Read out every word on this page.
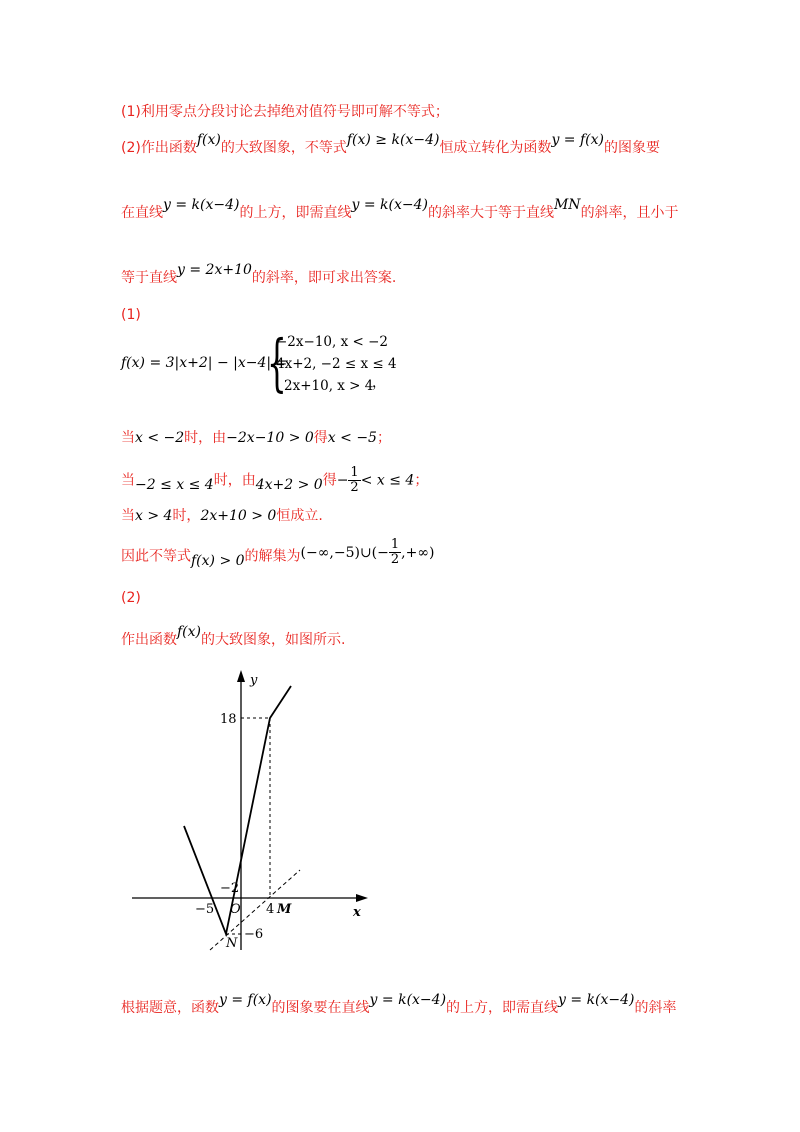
(1)利用零点分段讨论去掉绝对值符号即可解不等式；
(2)作出函数f(x)的大致图象，不等式f(x) ≥ k(x−4)恒成立转化为函数y = f(x)的图象要
在直线y = k(x−4)的上方，即需直线y = k(x−4)的斜率大于等于直线MN的斜率，且小于
等于直线y = 2x+10的斜率，即可求出答案.
(1)
f(x) = 3|x+2| − |x−4| =
{
−2x−10, x < −2
4x+2, −2 ≤ x ≤ 4
2x+10, x > 4
，
当x < −2时，由−2x−10 > 0得x < −5；
当−2 ≤ x ≤ 4时，由4x+2 > 0得− $\frac{1}{2} < x \le 4$；
当x > 4时，2x+10 > 0恒成立.
因此不等式f(x) > 0的解集为(−∞,−5)∪(− $\frac{1}{2}$ ,+∞)
(2)
作出函数f(x)的大致图象，如图所示.
y
18
−2
−5 O 4 M	x
N
−6
根据题意，函数y = f(x)的图象要在直线y = k(x−4)的上方，即需直线y = k(x−4)的斜率
